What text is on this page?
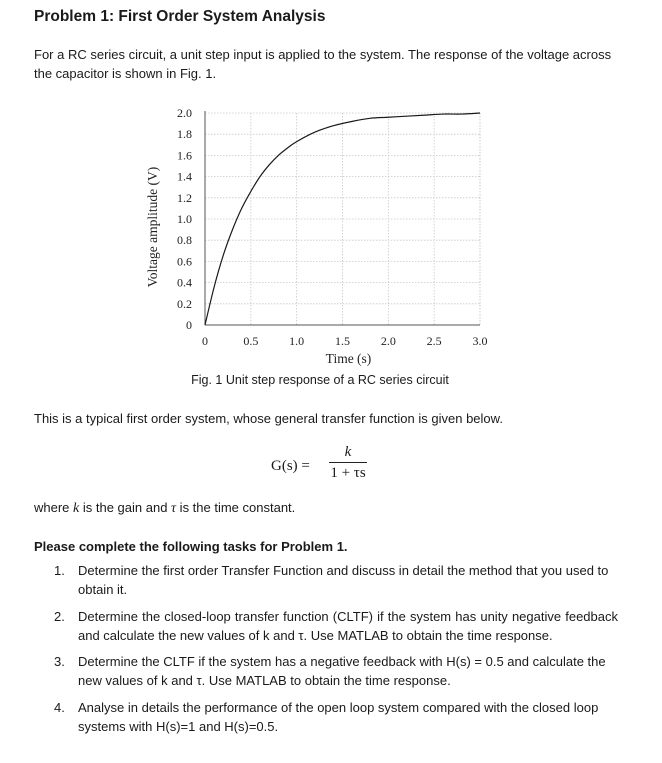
Problem 1: First Order System Analysis
For a RC series circuit, a unit step input is applied to the system. The response of the voltage across the capacitor is shown in Fig. 1.
0
0.2
0.4
0.6
0.8
1.0
1.2
1.4
1.6
1.8
2.0
0	0.5	1.0	1.5	2.0	2.5	3.0
Time (s)
Voltage amplitude (V)
Fig. 1 Unit step response of a RC series circuit
This is a typical first order system, whose general transfer function is given below.
G(s) =
k
1 + τs
where k is the gain and τ is the time constant.
Please complete the following tasks for Problem 1.
1. Determine the first order Transfer Function and discuss in detail the method that you used to obtain it.
2. Determine the closed-loop transfer function (CLTF) if the system has unity negative feedback and calculate the new values of k and τ. Use MATLAB to obtain the time response.
3. Determine the CLTF if the system has a negative feedback with H(s) = 0.5 and calculate the new values of k and τ. Use MATLAB to obtain the time response.
4. Analyse in details the performance of the open loop system compared with the closed loop systems with H(s)=1 and H(s)=0.5.
